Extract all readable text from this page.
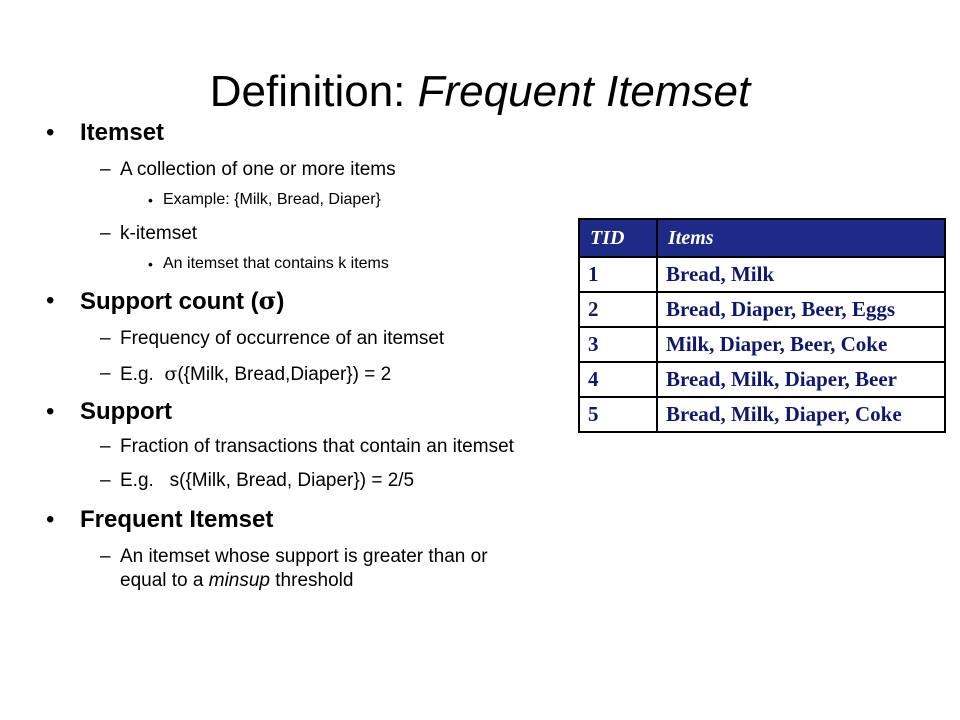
Definition: Frequent Itemset
• Itemset
– A collection of one or more items
• Example: {Milk, Bread, Diaper}
– k-itemset
• An itemset that contains k items
• Support count (σ)
– Frequency of occurrence of an itemset
– E.g.  σ({Milk, Bread,Diaper}) = 2
• Support
– Fraction of transactions that contain an itemset
– E.g.   s({Milk, Bread, Diaper}) = 2/5
• Frequent Itemset
– An itemset whose support is greater than or equal to a minsup threshold
TID	Items
1	Bread, Milk
2	Bread, Diaper, Beer, Eggs
3	Milk, Diaper, Beer, Coke
4	Bread, Milk, Diaper, Beer
5	Bread, Milk, Diaper, Coke
